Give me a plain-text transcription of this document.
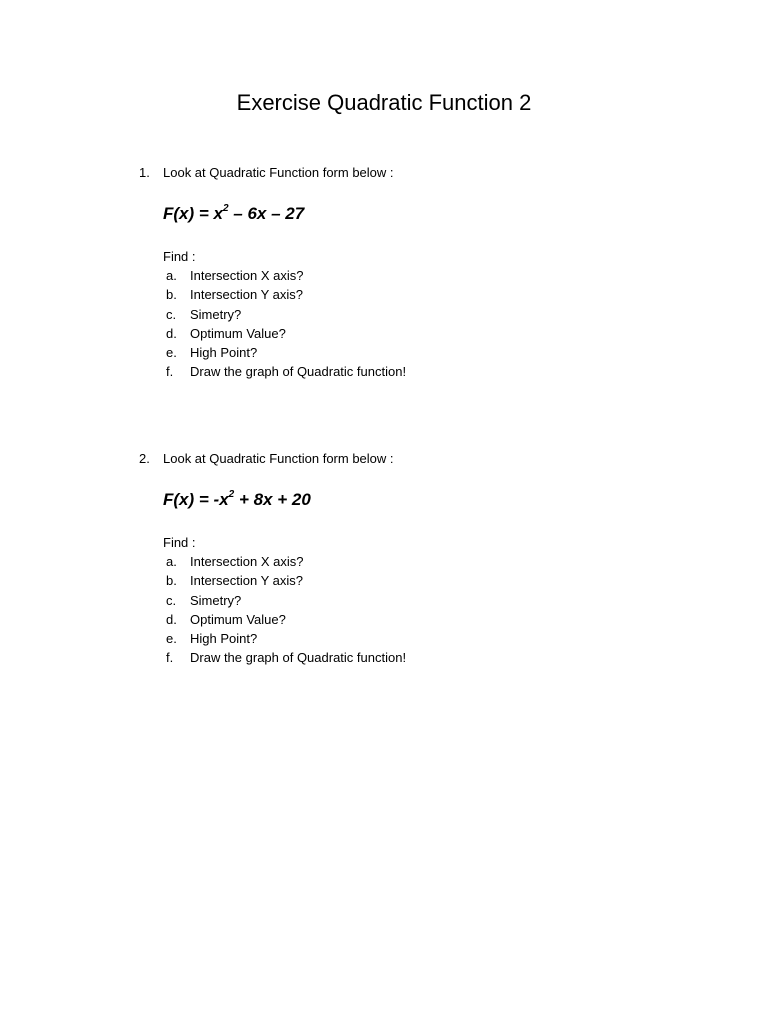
Exercise Quadratic Function 2
1. Look at Quadratic Function form below :
$F(x) = x^2 - 6x - 27$
Find :
a. Intersection X axis?
b. Intersection Y axis?
c. Simetry?
d. Optimum Value?
e. High Point?
f. Draw the graph of Quadratic function!
2. Look at Quadratic Function form below :
$F(x) = -x^2 + 8x + 20$
Find :
a. Intersection X axis?
b. Intersection Y axis?
c. Simetry?
d. Optimum Value?
e. High Point?
f. Draw the graph of Quadratic function!
